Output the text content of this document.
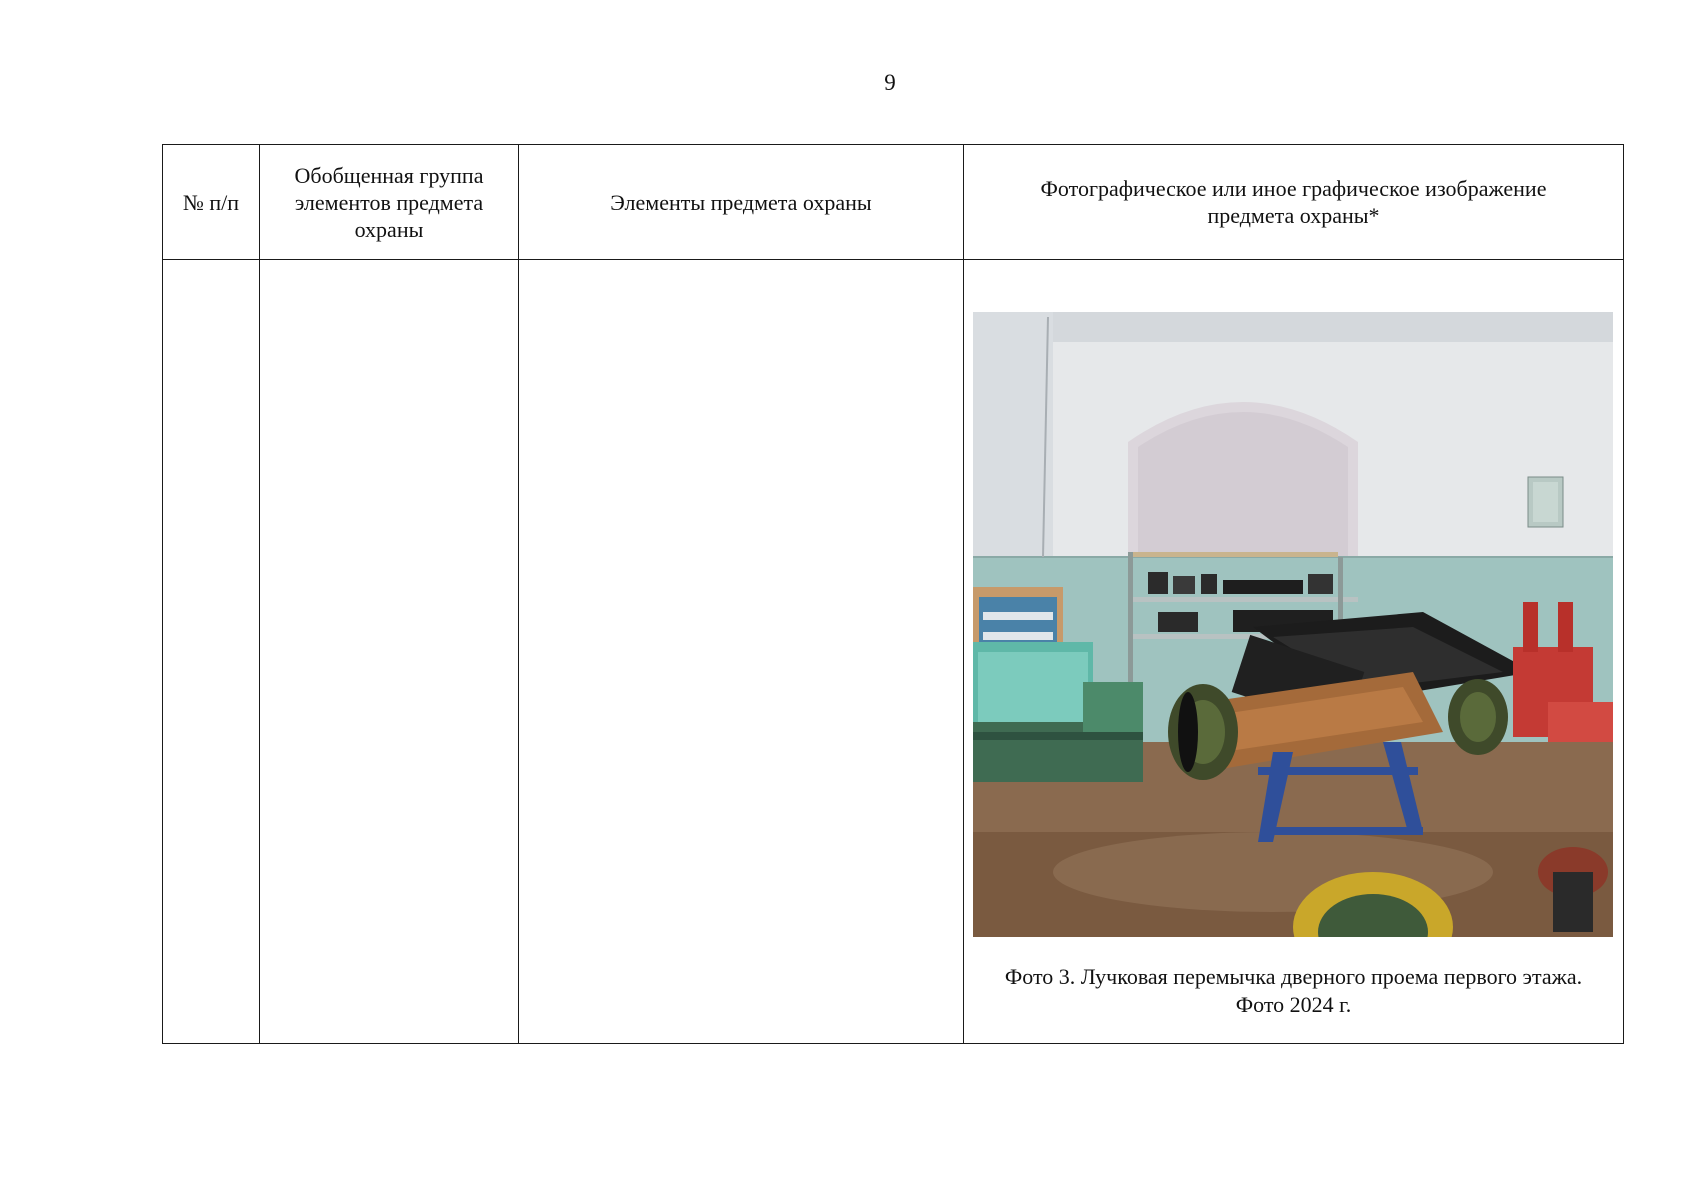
9
№ п/п	Обобщенная группа элементов предмета охраны	Элементы предмета охраны	Фотографическое или иное графическое изображение предмета охраны*

			Фото 3. Лучковая перемычка дверного проема первого этажа. Фото 2024 г.
